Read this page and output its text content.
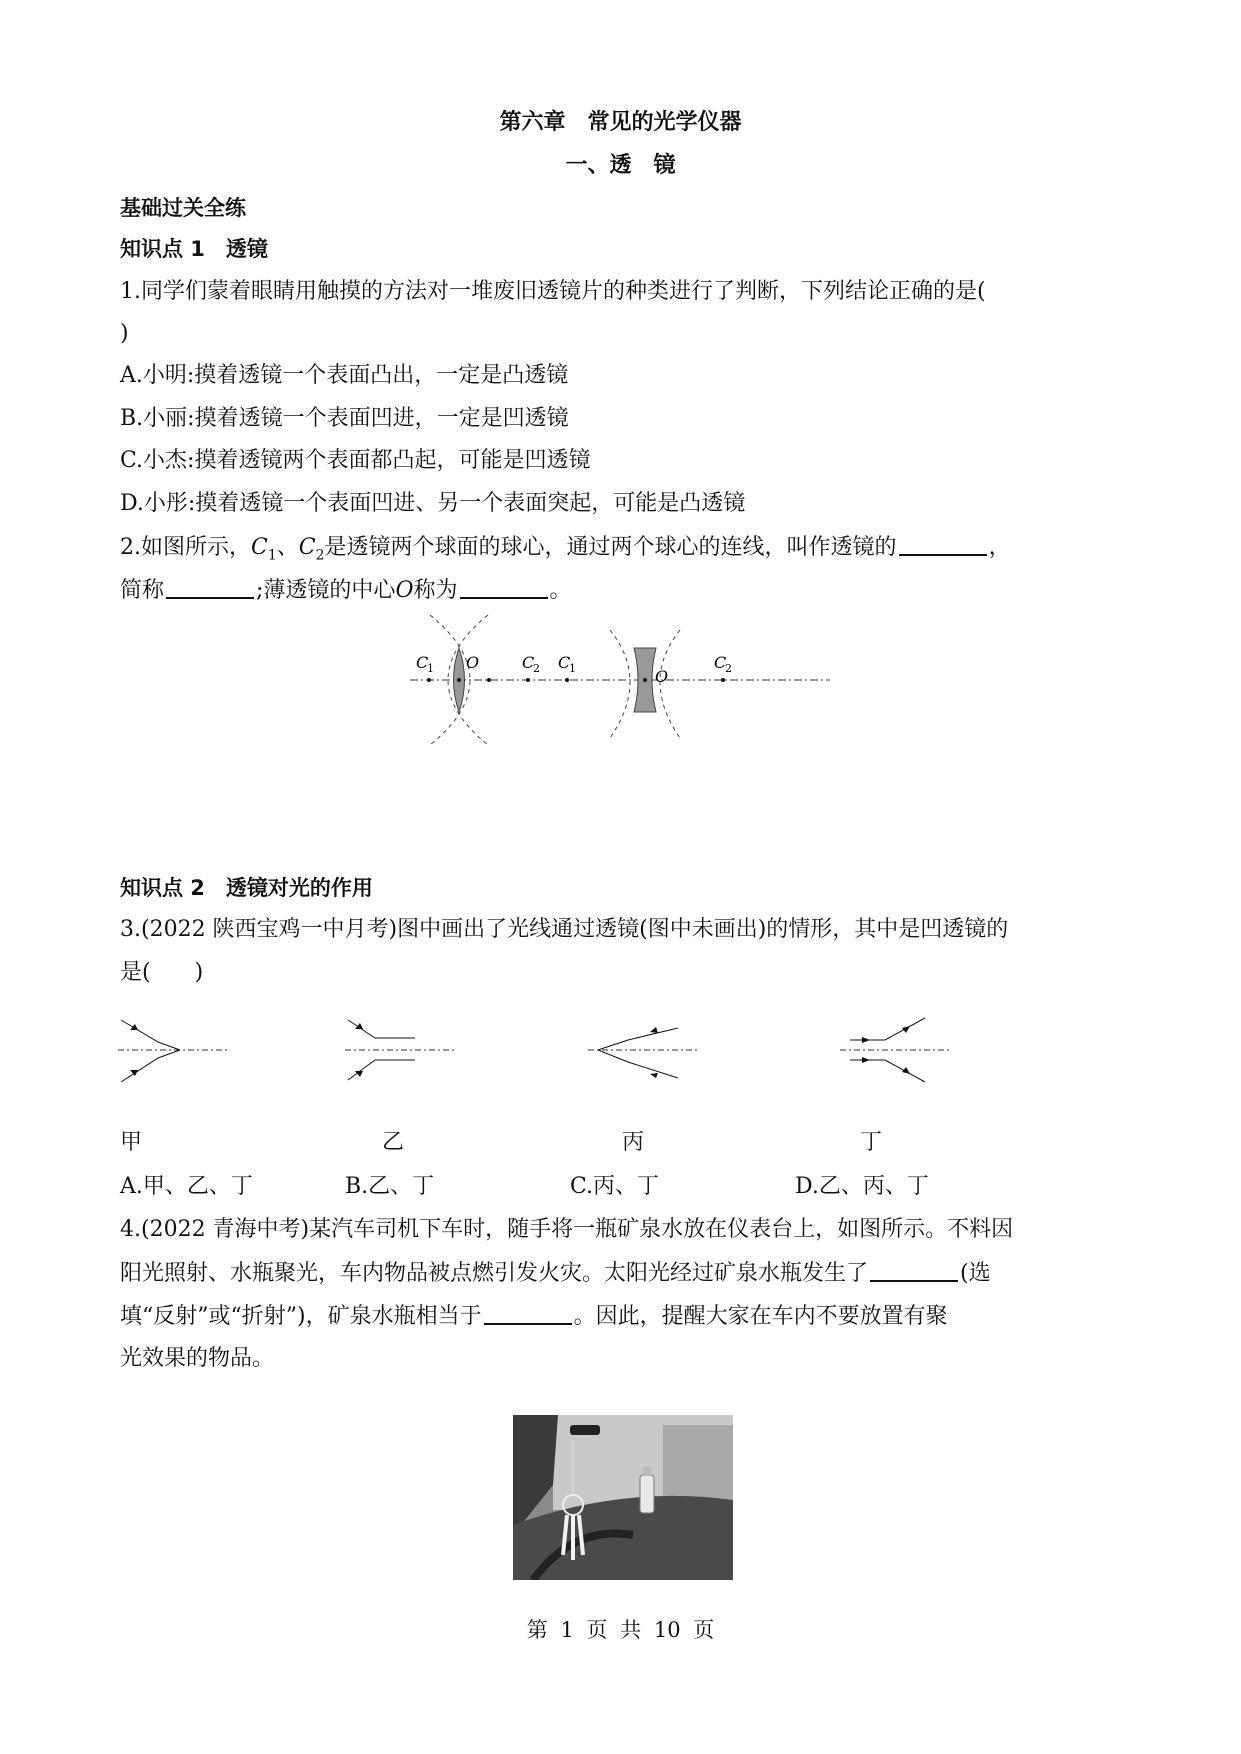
第六章　常见的光学仪器
一、透　镜
基础过关全练
知识点 1　透镜
1.同学们蒙着眼睛用触摸的方法对一堆废旧透镜片的种类进行了判断，下列结论正确的是(
)
A.小明:摸着透镜一个表面凸出，一定是凸透镜
B.小丽:摸着透镜一个表面凹进，一定是凹透镜
C.小杰:摸着透镜两个表面都凸起，可能是凹透镜
D.小彤:摸着透镜一个表面凹进、另一个表面突起，可能是凸透镜
2.如图所示，$C_1$、$C_2$是透镜两个球面的球心，通过两个球心的连线，叫作透镜的	，
简称	;薄透镜的中心O称为	。
C
1 O	C
2 C
1	O
C
2
知识点 2　透镜对光的作用
3.(2022 陕西宝鸡一中月考)图中画出了光线通过透镜(图中未画出)的情形，其中是凹透镜的
是(　　)
甲	乙	丙	丁
A.甲、乙、丁	B.乙、丁	C.丙、丁	D.乙、丙、丁
4.(2022 青海中考)某汽车司机下车时，随手将一瓶矿泉水放在仪表台上，如图所示。不料因
阳光照射、水瓶聚光，车内物品被点燃引发火灾。太阳光经过矿泉水瓶发生了	(选
填“反射”或“折射”)，矿泉水瓶相当于	。因此，提醒大家在车内不要放置有聚
光效果的物品。
第 1 页 共 10 页
